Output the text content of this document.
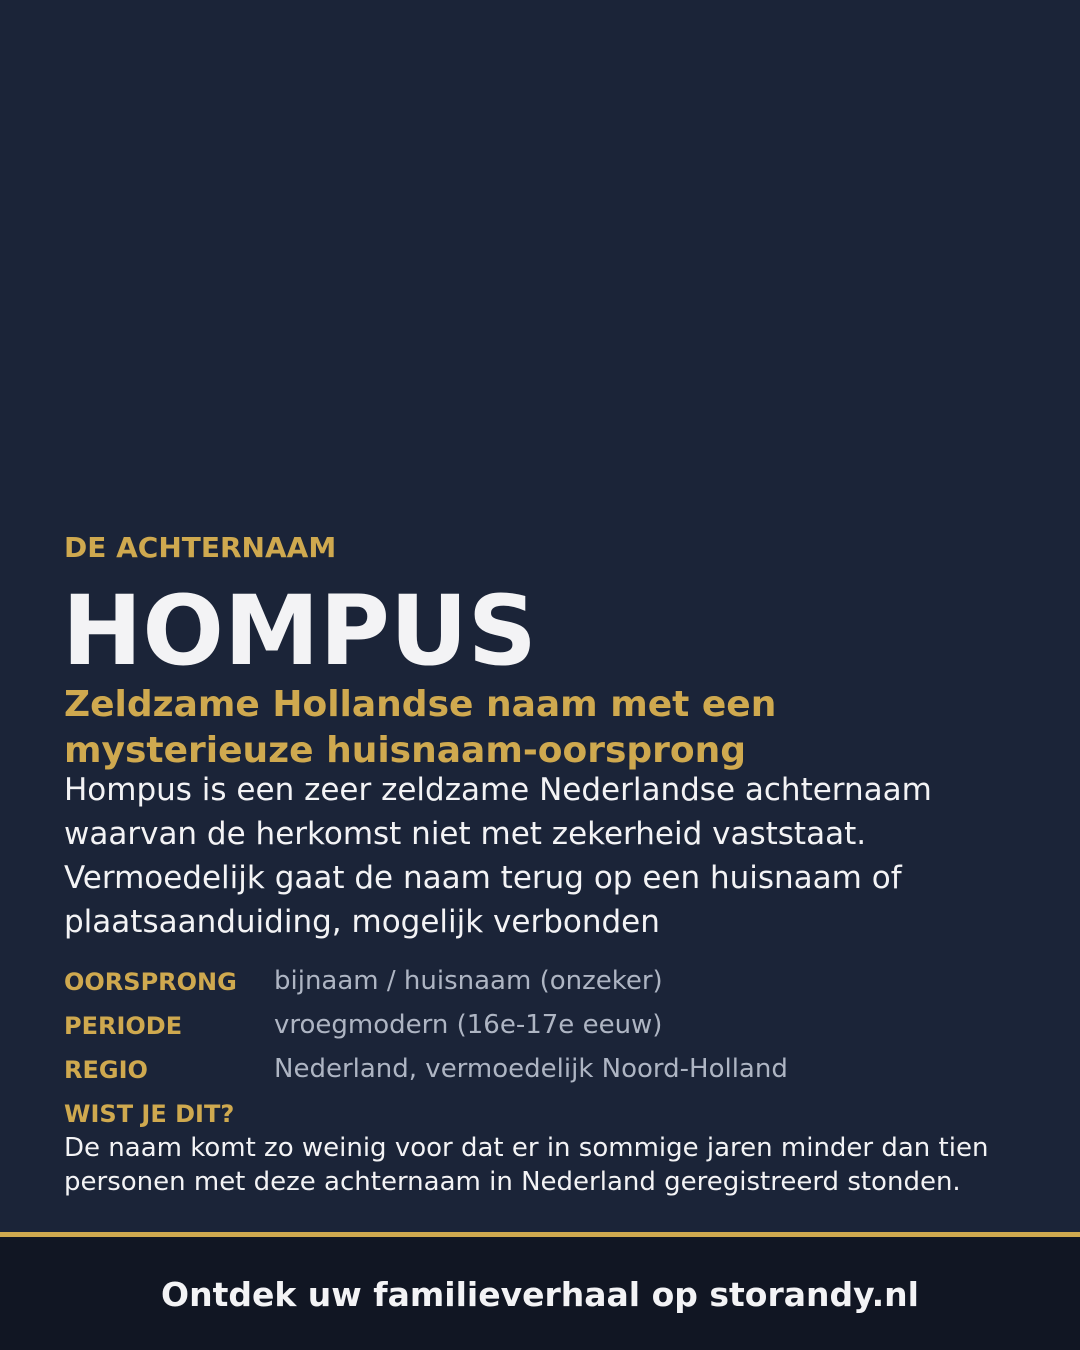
DE ACHTERNAAM
HOMPUS
Zeldzame Hollandse naam met een mysterieuze huisnaam-oorsprong
Hompus is een zeer zeldzame Nederlandse achternaam waarvan de herkomst niet met zekerheid vaststaat. Vermoedelijk gaat de naam terug op een huisnaam of plaatsaanduiding, mogelijk verbonden
OORSPRONG	bijnaam / huisnaam (onzeker)
PERIODE	vroegmodern (16e-17e eeuw)
REGIO	Nederland, vermoedelijk Noord-Holland
WIST JE DIT?
De naam komt zo weinig voor dat er in sommige jaren minder dan tien personen met deze achternaam in Nederland geregistreerd stonden.
Ontdek uw familieverhaal op storandy.nl
